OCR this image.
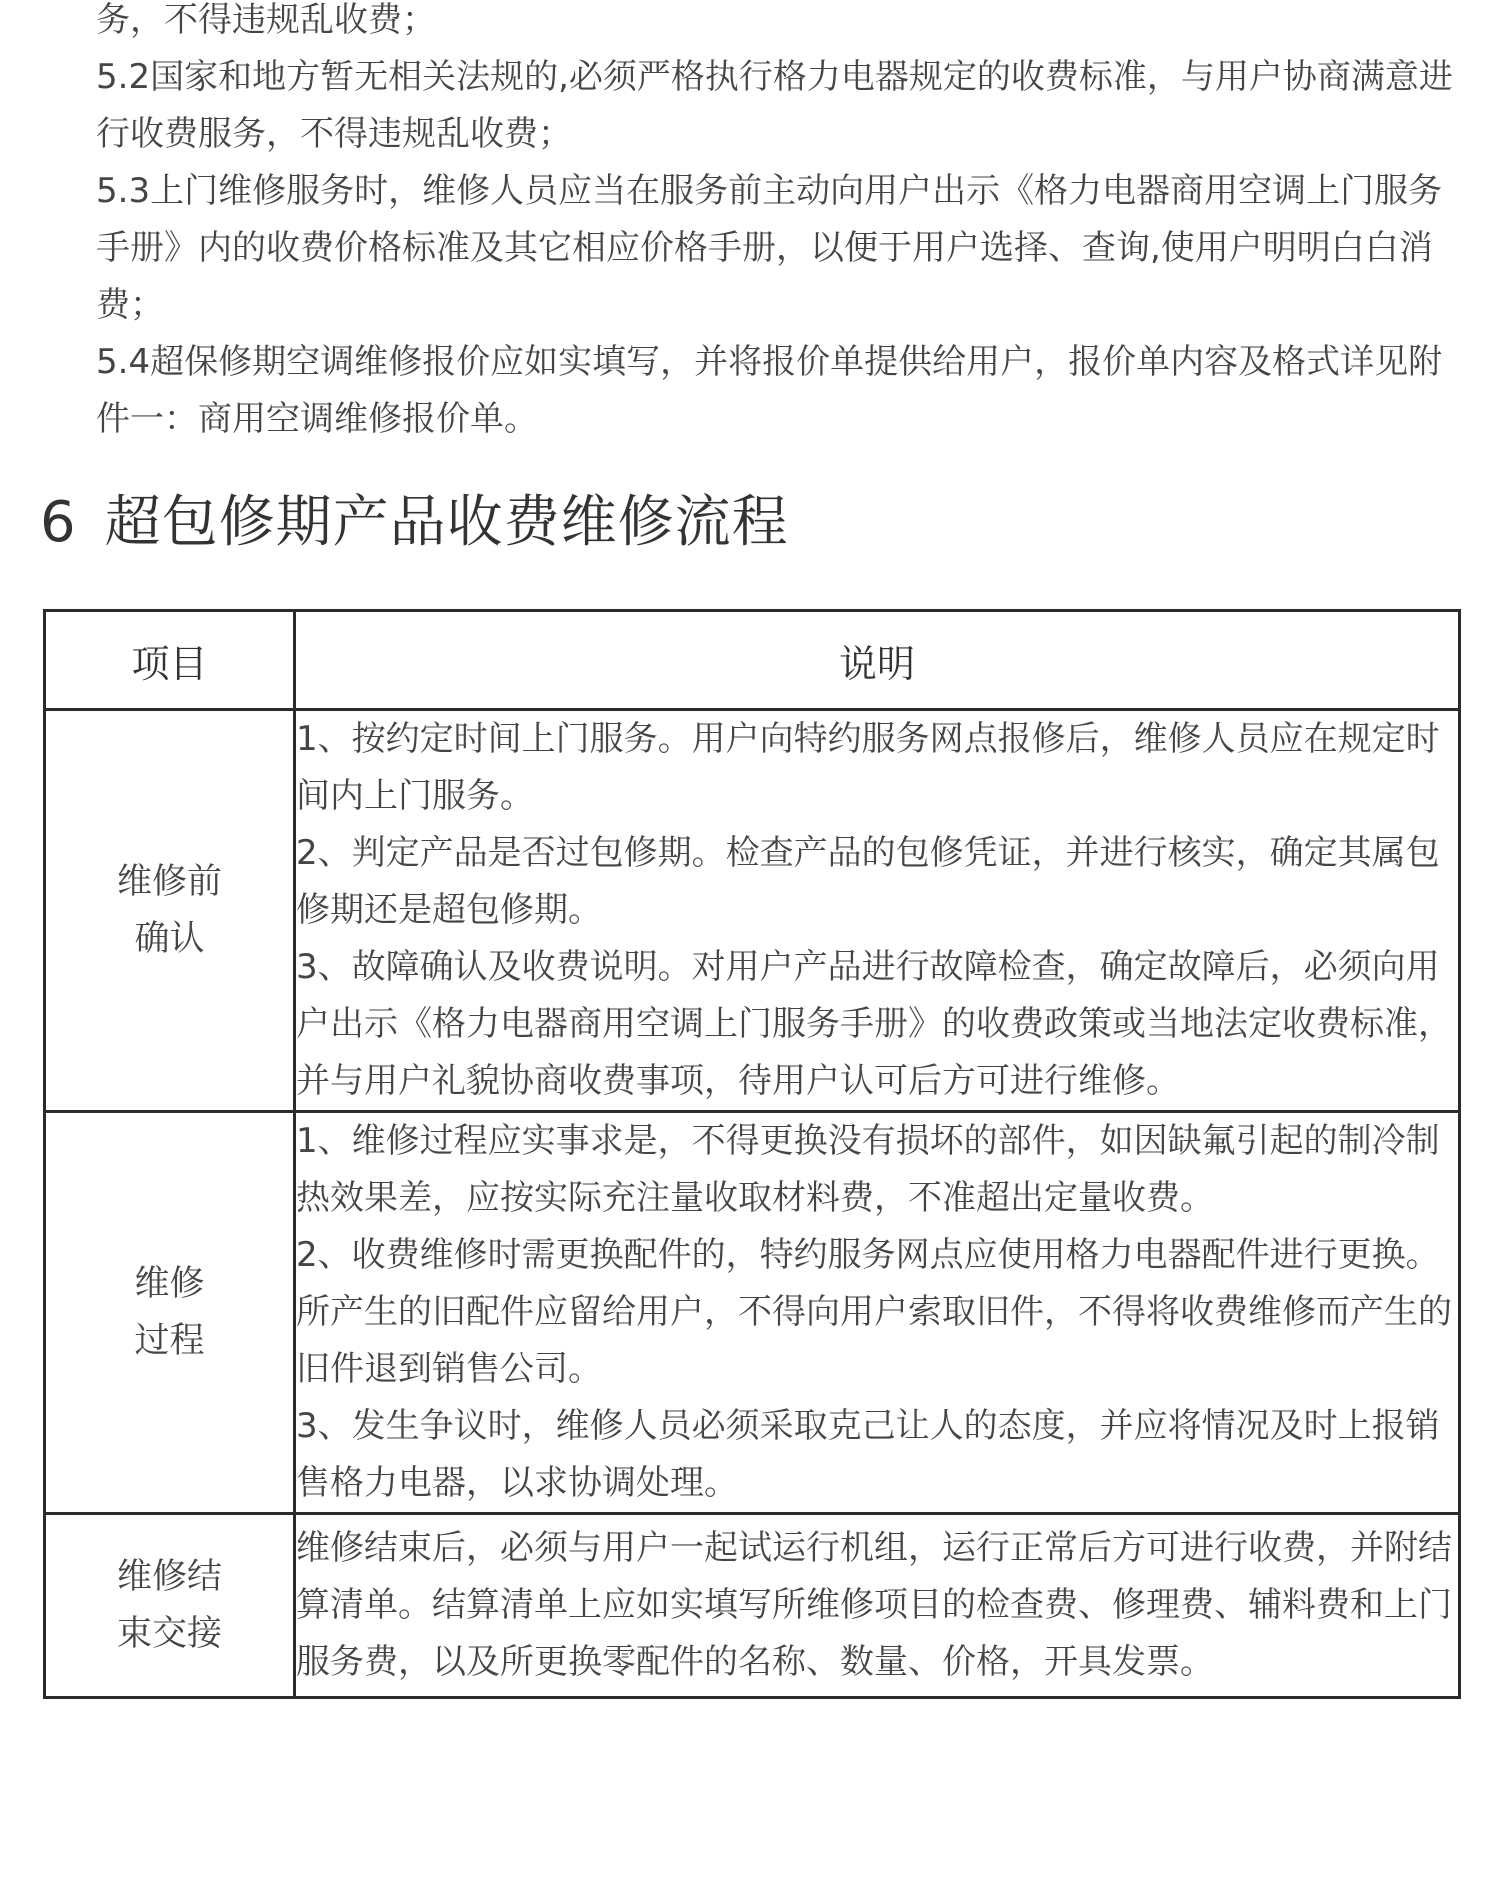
务，不得违规乱收费；

5.2国家和地方暂无相关法规的,必须严格执行格力电器规定的收费标准，与用户协商满意进行收费服务，不得违规乱收费；

5.3上门维修服务时，维修人员应当在服务前主动向用户出示《格力电器商用空调上门服务手册》内的收费价格标准及其它相应价格手册，以便于用户选择、查询,使用户明明白白消费；

5.4超保修期空调维修报价应如实填写，并将报价单提供给用户，报价单内容及格式详见附件一：商用空调维修报价单。

6 超包修期产品收费维修流程
项目	说明
维修前确认	1、按约定时间上门服务。用户向特约服务网点报修后，维修人员应在规定时间内上门服务。

2、判定产品是否过包修期。检查产品的包修凭证，并进行核实，确定其属包修期还是超包修期。

3、故障确认及收费说明。对用户产品进行故障检查，确定故障后，必须向用户出示《格力电器商用空调上门服务手册》的收费政策或当地法定收费标准，并与用户礼貌协商收费事项，待用户认可后方可进行维修。

维修过程	1、维修过程应实事求是，不得更换没有损坏的部件，如因缺氟引起的制冷制热效果差，应按实际充注量收取材料费，不准超出定量收费。

2、收费维修时需更换配件的，特约服务网点应使用格力电器配件进行更换。所产生的旧配件应留给用户，不得向用户索取旧件，不得将收费维修而产生的旧件退到销售公司。

3、发生争议时，维修人员必须采取克己让人的态度，并应将情况及时上报销售格力电器，以求协调处理。

维修结束交接	维修结束后，必须与用户一起试运行机组，运行正常后方可进行收费，并附结算清单。结算清单上应如实填写所维修项目的检查费、修理费、辅料费和上门服务费，以及所更换零配件的名称、数量、价格，开具发票。
